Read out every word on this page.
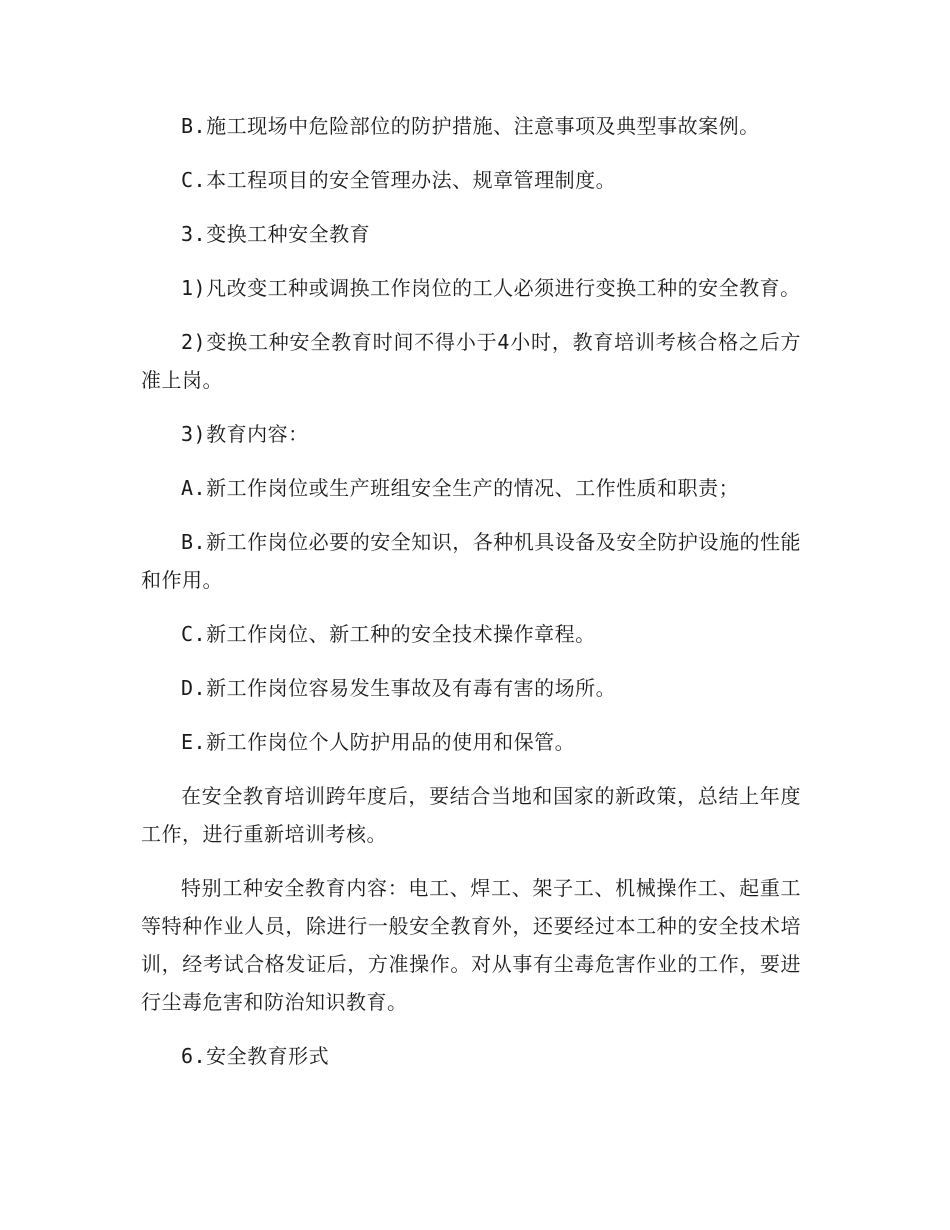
B.施工现场中危险部位的防护措施、注意事项及典型事故案例。

C.本工程项目的安全管理办法、规章管理制度。

3.变换工种安全教育

1)凡改变工种或调换工作岗位的工人必须进行变换工种的安全教育。

2)变换工种安全教育时间不得小于4小时，教育培训考核合格之后方准上岗。

3)教育内容：

A.新工作岗位或生产班组安全生产的情况、工作性质和职责；

B.新工作岗位必要的安全知识，各种机具设备及安全防护设施的性能和作用。

C.新工作岗位、新工种的安全技术操作章程。

D.新工作岗位容易发生事故及有毒有害的场所。

E.新工作岗位个人防护用品的使用和保管。

在安全教育培训跨年度后，要结合当地和国家的新政策，总结上年度工作，进行重新培训考核。

特别工种安全教育内容：电工、焊工、架子工、机械操作工、起重工等特种作业人员，除进行一般安全教育外，还要经过本工种的安全技术培训，经考试合格发证后，方准操作。对从事有尘毒危害作业的工作，要进行尘毒危害和防治知识教育。

6.安全教育形式
